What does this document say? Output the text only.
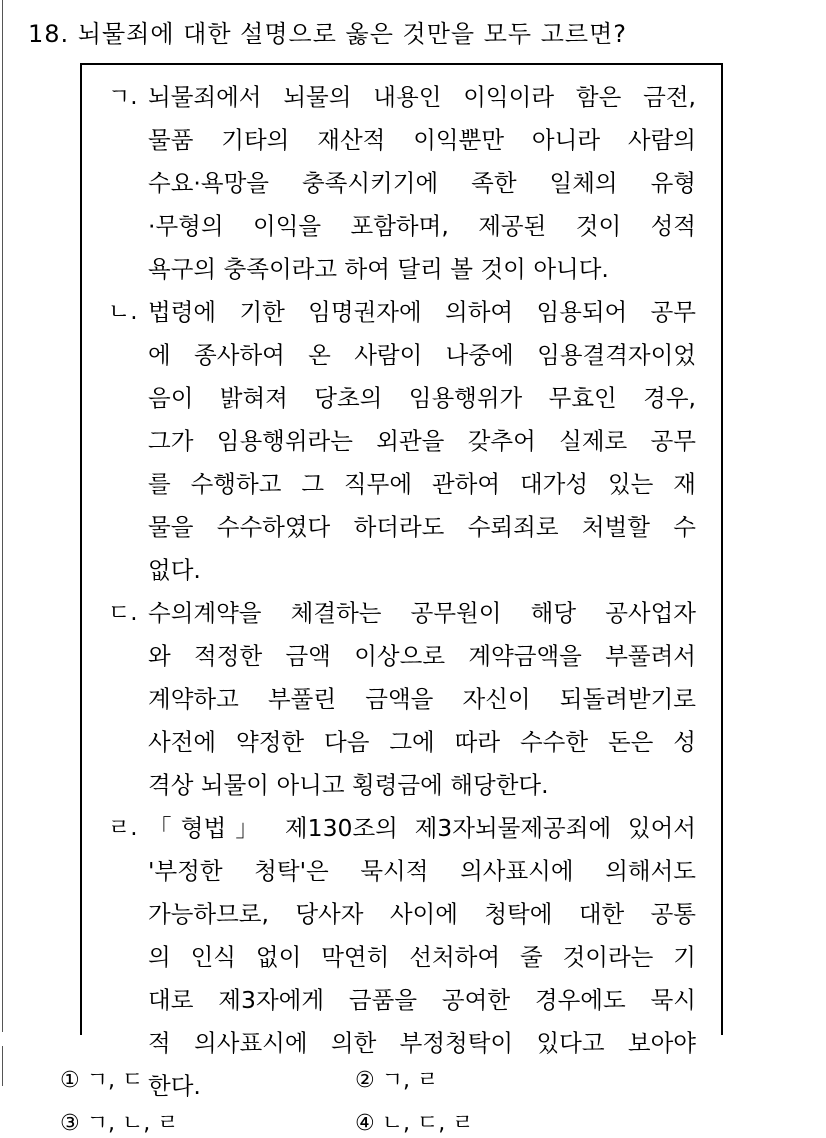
18. 뇌물죄에 대한 설명으로 옳은 것만을 모두 고르면?
ㄱ. 뇌물죄에서 뇌물의 내용인 이익이라 함은 금전,
물품 기타의 재산적 이익뿐만 아니라 사람의
수요·욕망을 충족시키기에 족한 일체의 유형
·무형의 이익을 포함하며, 제공된 것이 성적
욕구의 충족이라고 하여 달리 볼 것이 아니다.
ㄴ. 법령에 기한 임명권자에 의하여 임용되어 공무
에 종사하여 온 사람이 나중에 임용결격자이었
음이 밝혀져 당초의 임용행위가 무효인 경우,
그가 임용행위라는 외관을 갖추어 실제로 공무
를 수행하고 그 직무에 관하여 대가성 있는 재
물을 수수하였다 하더라도 수뢰죄로 처벌할 수
없다.
ㄷ. 수의계약을 체결하는 공무원이 해당 공사업자
와 적정한 금액 이상으로 계약금액을 부풀려서
계약하고 부풀린 금액을 자신이 되돌려받기로
사전에 약정한 다음 그에 따라 수수한 돈은 성
격상 뇌물이 아니고 횡령금에 해당한다.
ㄹ. 「형법」 제130조의 제3자뇌물제공죄에 있어서
'부정한 청탁'은 묵시적 의사표시에 의해서도
가능하므로, 당사자 사이에 청탁에 대한 공통
의 인식 없이 막연히 선처하여 줄 것이라는 기
대로 제3자에게 금품을 공여한 경우에도 묵시
적 의사표시에 의한 부정청탁이 있다고 보아야
한다.
① ㄱ, ㄷ	② ㄱ, ㄹ
③ ㄱ, ㄴ, ㄹ	④ ㄴ, ㄷ, ㄹ
